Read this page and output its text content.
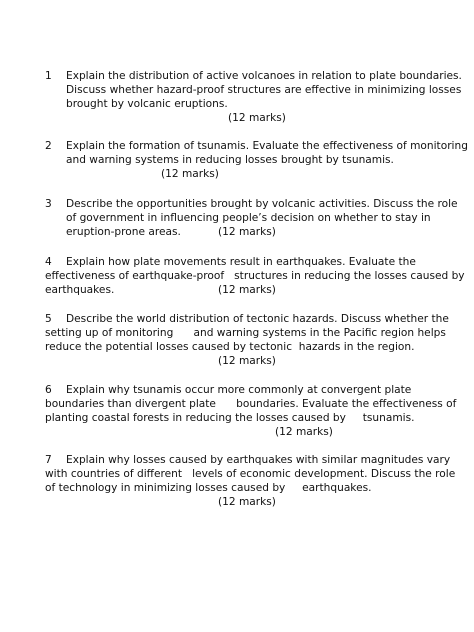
1 Explain the distribution of active volcanoes in relation to plate boundaries.
Discuss whether hazard-proof structures are effective in minimizing losses
brought by volcanic eruptions.
(12 marks)
2 Explain the formation of tsunamis. Evaluate the effectiveness of monitoring
and warning systems in reducing losses brought by tsunamis.
(12 marks)
3 Describe the opportunities brought by volcanic activities. Discuss the role
of government in influencing people’s decision on whether to stay in
eruption-prone areas.	(12 marks)
4 Explain how plate movements result in earthquakes. Evaluate the
effectiveness of earthquake-proof   structures in reducing the losses caused by
earthquakes.	(12 marks)
5 Describe the world distribution of tectonic hazards. Discuss whether the
setting up of monitoring      and warning systems in the Pacific region helps
reduce the potential losses caused by tectonic  hazards in the region.
(12 marks)
6 Explain why tsunamis occur more commonly at convergent plate
boundaries than divergent plate      boundaries. Evaluate the effectiveness of
planting coastal forests in reducing the losses caused by     tsunamis.
(12 marks)
7 Explain why losses caused by earthquakes with similar magnitudes vary
with countries of different   levels of economic development. Discuss the role
of technology in minimizing losses caused by     earthquakes.
(12 marks)
